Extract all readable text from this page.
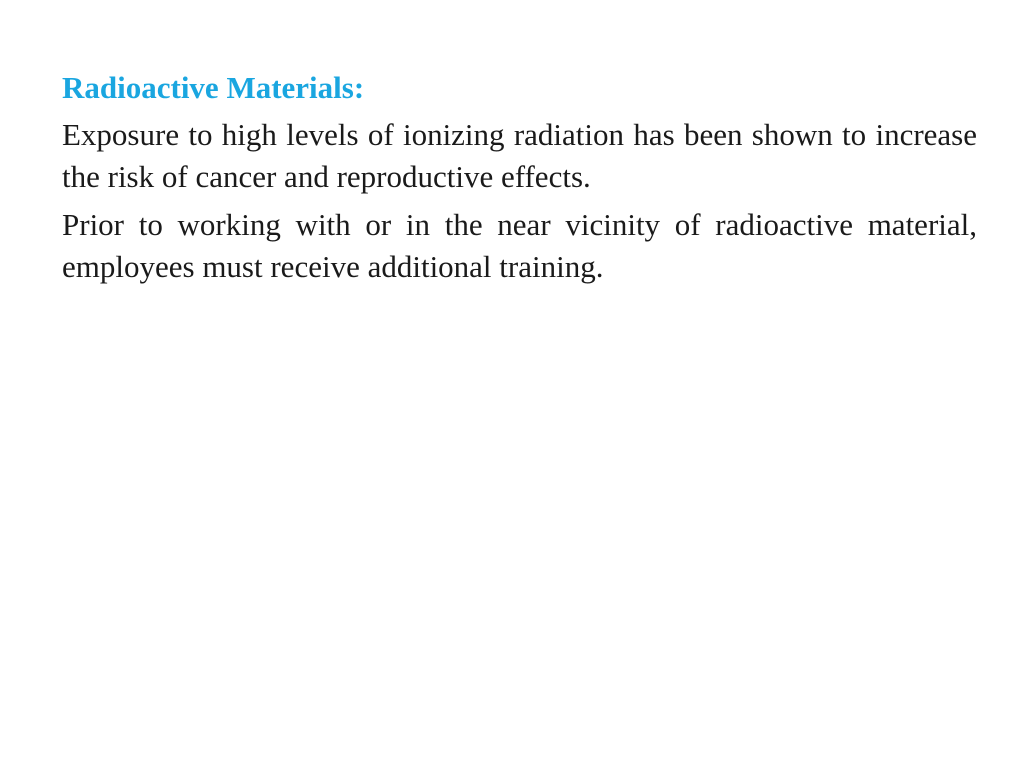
Radioactive Materials:

Exposure to high levels of ionizing radiation has been shown to increase the risk of cancer and reproductive effects.

Prior to working with or in the near vicinity of radioactive material, employees must receive additional training.
